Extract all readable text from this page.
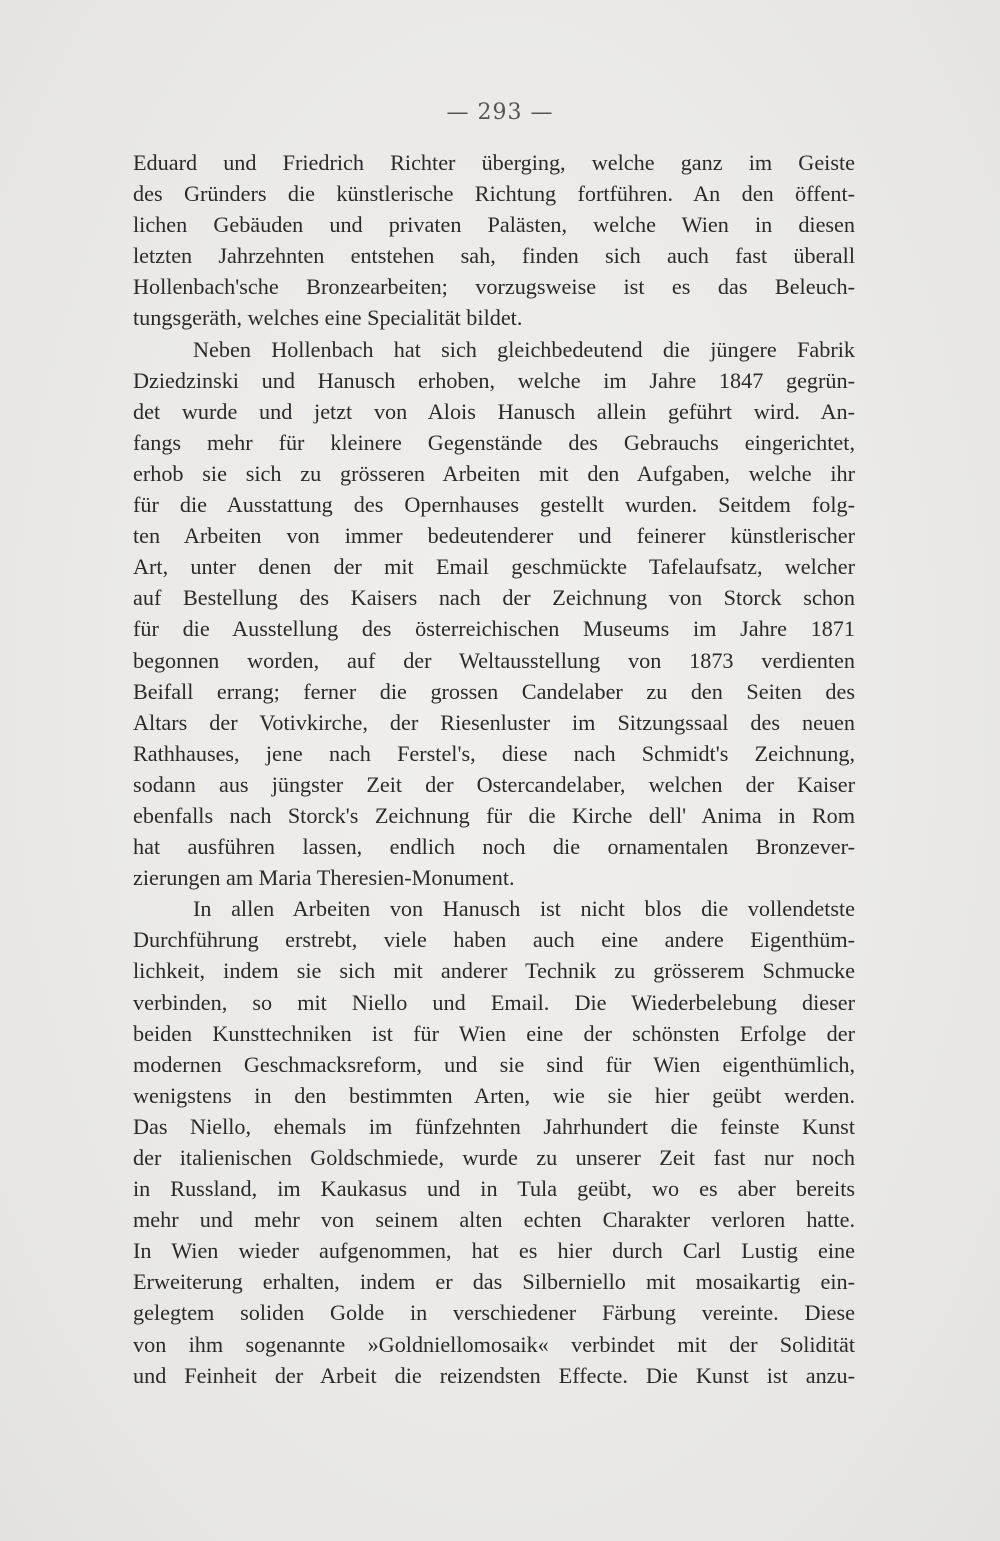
— 293 —
Eduard und Friedrich Richter überging, welche ganz im Geiste
des Gründers die künstlerische Richtung fortführen. An den öffent-
lichen Gebäuden und privaten Palästen, welche Wien in diesen
letzten Jahrzehnten entstehen sah, finden sich auch fast überall
Hollenbach'sche Bronzearbeiten; vorzugsweise ist es das Beleuch-
tungsgeräth, welches eine Specialität bildet.
Neben Hollenbach hat sich gleichbedeutend die jüngere Fabrik
Dziedzinski und Hanusch erhoben, welche im Jahre 1847 gegrün-
det wurde und jetzt von Alois Hanusch allein geführt wird. An-
fangs mehr für kleinere Gegenstände des Gebrauchs eingerichtet,
erhob sie sich zu grösseren Arbeiten mit den Aufgaben, welche ihr
für die Ausstattung des Opernhauses gestellt wurden. Seitdem folg-
ten Arbeiten von immer bedeutenderer und feinerer künstlerischer
Art, unter denen der mit Email geschmückte Tafelaufsatz, welcher
auf Bestellung des Kaisers nach der Zeichnung von Storck schon
für die Ausstellung des österreichischen Museums im Jahre 1871
begonnen worden, auf der Weltausstellung von 1873 verdienten
Beifall errang; ferner die grossen Candelaber zu den Seiten des
Altars der Votivkirche, der Riesenluster im Sitzungssaal des neuen
Rathhauses, jene nach Ferstel's, diese nach Schmidt's Zeichnung,
sodann aus jüngster Zeit der Ostercandelaber, welchen der Kaiser
ebenfalls nach Storck's Zeichnung für die Kirche dell' Anima in Rom
hat ausführen lassen, endlich noch die ornamentalen Bronzever-
zierungen am Maria Theresien-Monument.
In allen Arbeiten von Hanusch ist nicht blos die vollendetste
Durchführung erstrebt, viele haben auch eine andere Eigenthüm-
lichkeit, indem sie sich mit anderer Technik zu grösserem Schmucke
verbinden, so mit Niello und Email. Die Wiederbelebung dieser
beiden Kunsttechniken ist für Wien eine der schönsten Erfolge der
modernen Geschmacksreform, und sie sind für Wien eigenthümlich,
wenigstens in den bestimmten Arten, wie sie hier geübt werden.
Das Niello, ehemals im fünfzehnten Jahrhundert die feinste Kunst
der italienischen Goldschmiede, wurde zu unserer Zeit fast nur noch
in Russland, im Kaukasus und in Tula geübt, wo es aber bereits
mehr und mehr von seinem alten echten Charakter verloren hatte.
In Wien wieder aufgenommen, hat es hier durch Carl Lustig eine
Erweiterung erhalten, indem er das Silberniello mit mosaikartig ein-
gelegtem soliden Golde in verschiedener Färbung vereinte. Diese
von ihm sogenannte »Goldniellomosaik« verbindet mit der Solidität
und Feinheit der Arbeit die reizendsten Effecte. Die Kunst ist anzu-
